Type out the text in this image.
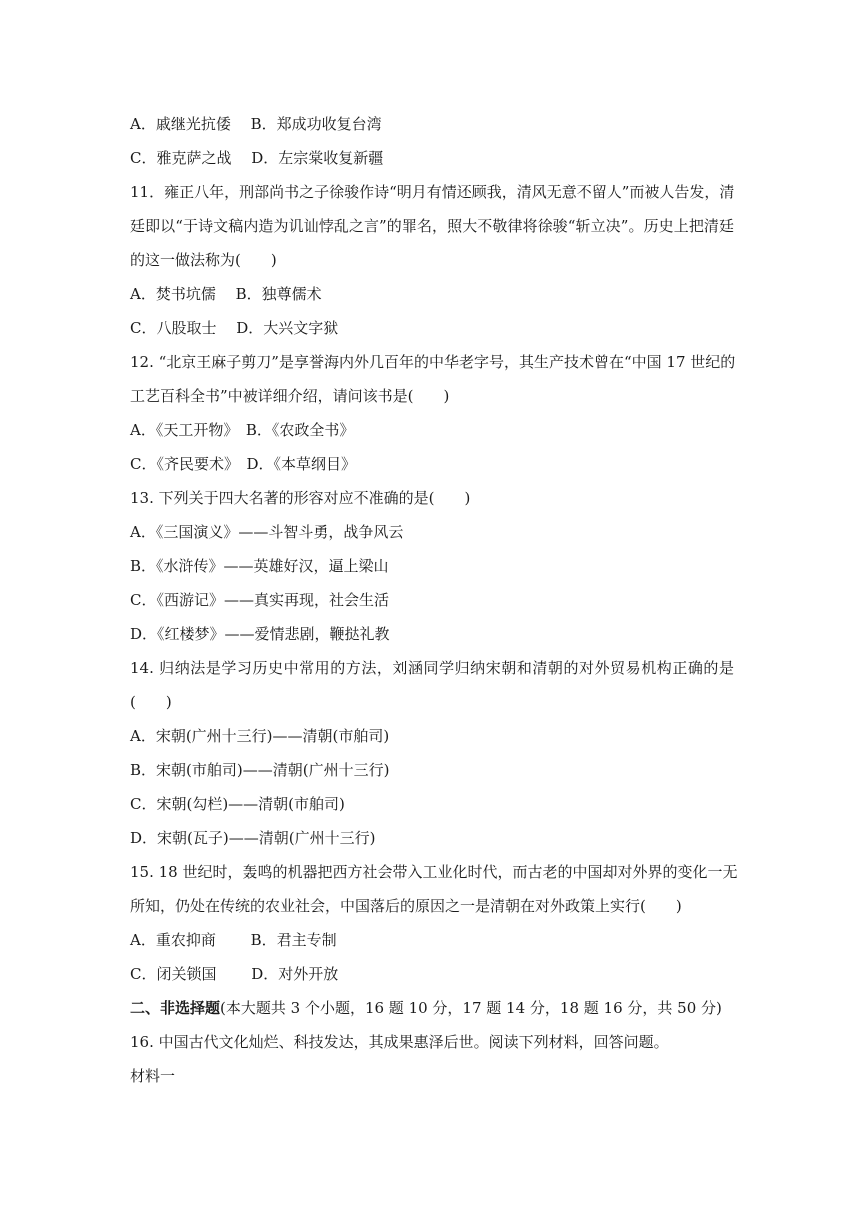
A．戚继光抗倭　 B．郑成功收复台湾
C．雅克萨之战　 D．左宗棠收复新疆
11．雍正八年，刑部尚书之子徐骏作诗“明月有情还顾我，清风无意不留人”而被人告发，清
廷即以“于诗文稿内造为讥讪悖乱之言”的罪名，照大不敬律将徐骏“斩立决”。历史上把清廷
的这一做法称为(　　)
A．焚书坑儒　 B．独尊儒术
C．八股取士　 D．大兴文字狱
12. “北京王麻子剪刀”是享誉海内外几百年的中华老字号，其生产技术曾在“中国 17 世纪的
工艺百科全书”中被详细介绍，请问该书是(　　)
A．《天工开物》　B．《农政全书》
C．《齐民要术》　D．《本草纲目》
13. 下列关于四大名著的形容对应不准确的是(　　)
A．《三国演义》——斗智斗勇，战争风云
B．《水浒传》——英雄好汉，逼上梁山
C．《西游记》——真实再现，社会生活
D．《红楼梦》——爱情悲剧，鞭挞礼教
14. 归纳法是学习历史中常用的方法，刘涵同学归纳宋朝和清朝的对外贸易机构正确的是
(　　)
A．宋朝(广州十三行)——清朝(市舶司)
B．宋朝(市舶司)——清朝(广州十三行)
C．宋朝(勾栏)——清朝(市舶司)
D．宋朝(瓦子)——清朝(广州十三行)
15. 18 世纪时，轰鸣的机器把西方社会带入工业化时代，而古老的中国却对外界的变化一无
所知，仍处在传统的农业社会，中国落后的原因之一是清朝在对外政策上实行(　　)
A．重农抑商　　 B．君主专制
C．闭关锁国　　 D．对外开放
二、非选择题(本大题共 3 个小题，16 题 10 分，17 题 14 分，18 题 16 分，共 50 分)
16. 中国古代文化灿烂、科技发达，其成果惠泽后世。阅读下列材料，回答问题。
材料一
